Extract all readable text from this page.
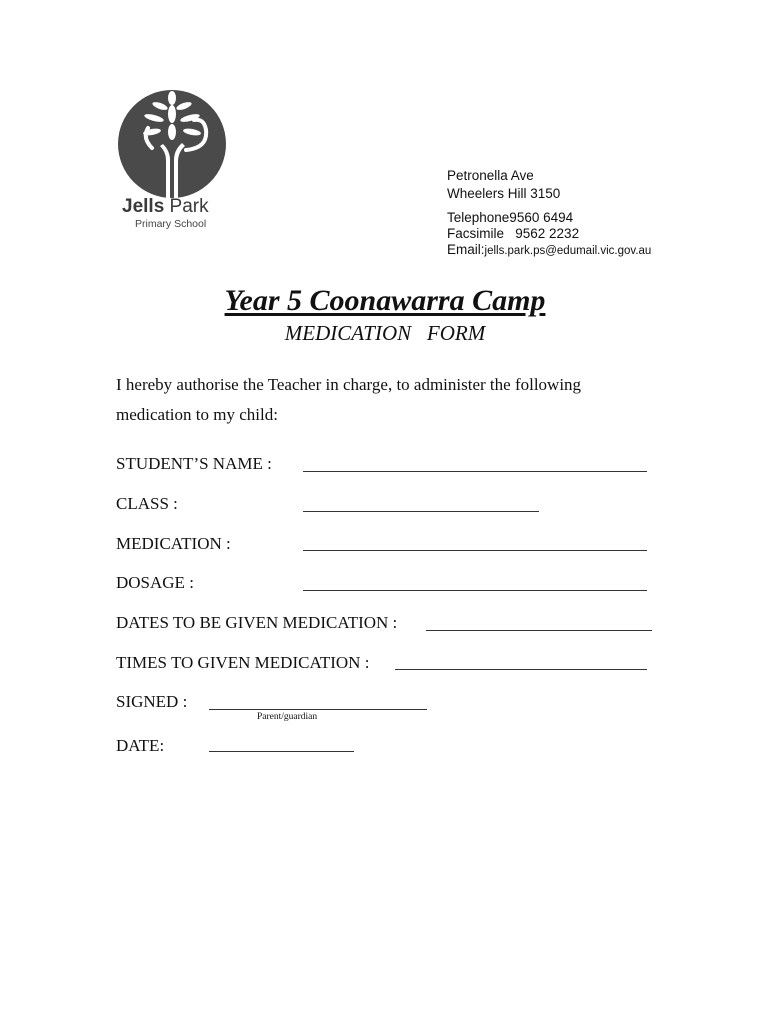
Jells Park
Primary School
Petronella Ave
Wheelers Hill 3150
Telephone9560 6494
Facsimile   9562 2232
Email:jells.park.ps@edumail.vic.gov.au
Year 5 Coonawarra Camp
MEDICATION   FORM
I hereby authorise the Teacher in charge, to administer the following
medication to my child:
STUDENT’S NAME :
CLASS :
MEDICATION :
DOSAGE :
DATES TO BE GIVEN MEDICATION :
TIMES TO GIVEN MEDICATION :
SIGNED :
Parent/guardian
DATE:
